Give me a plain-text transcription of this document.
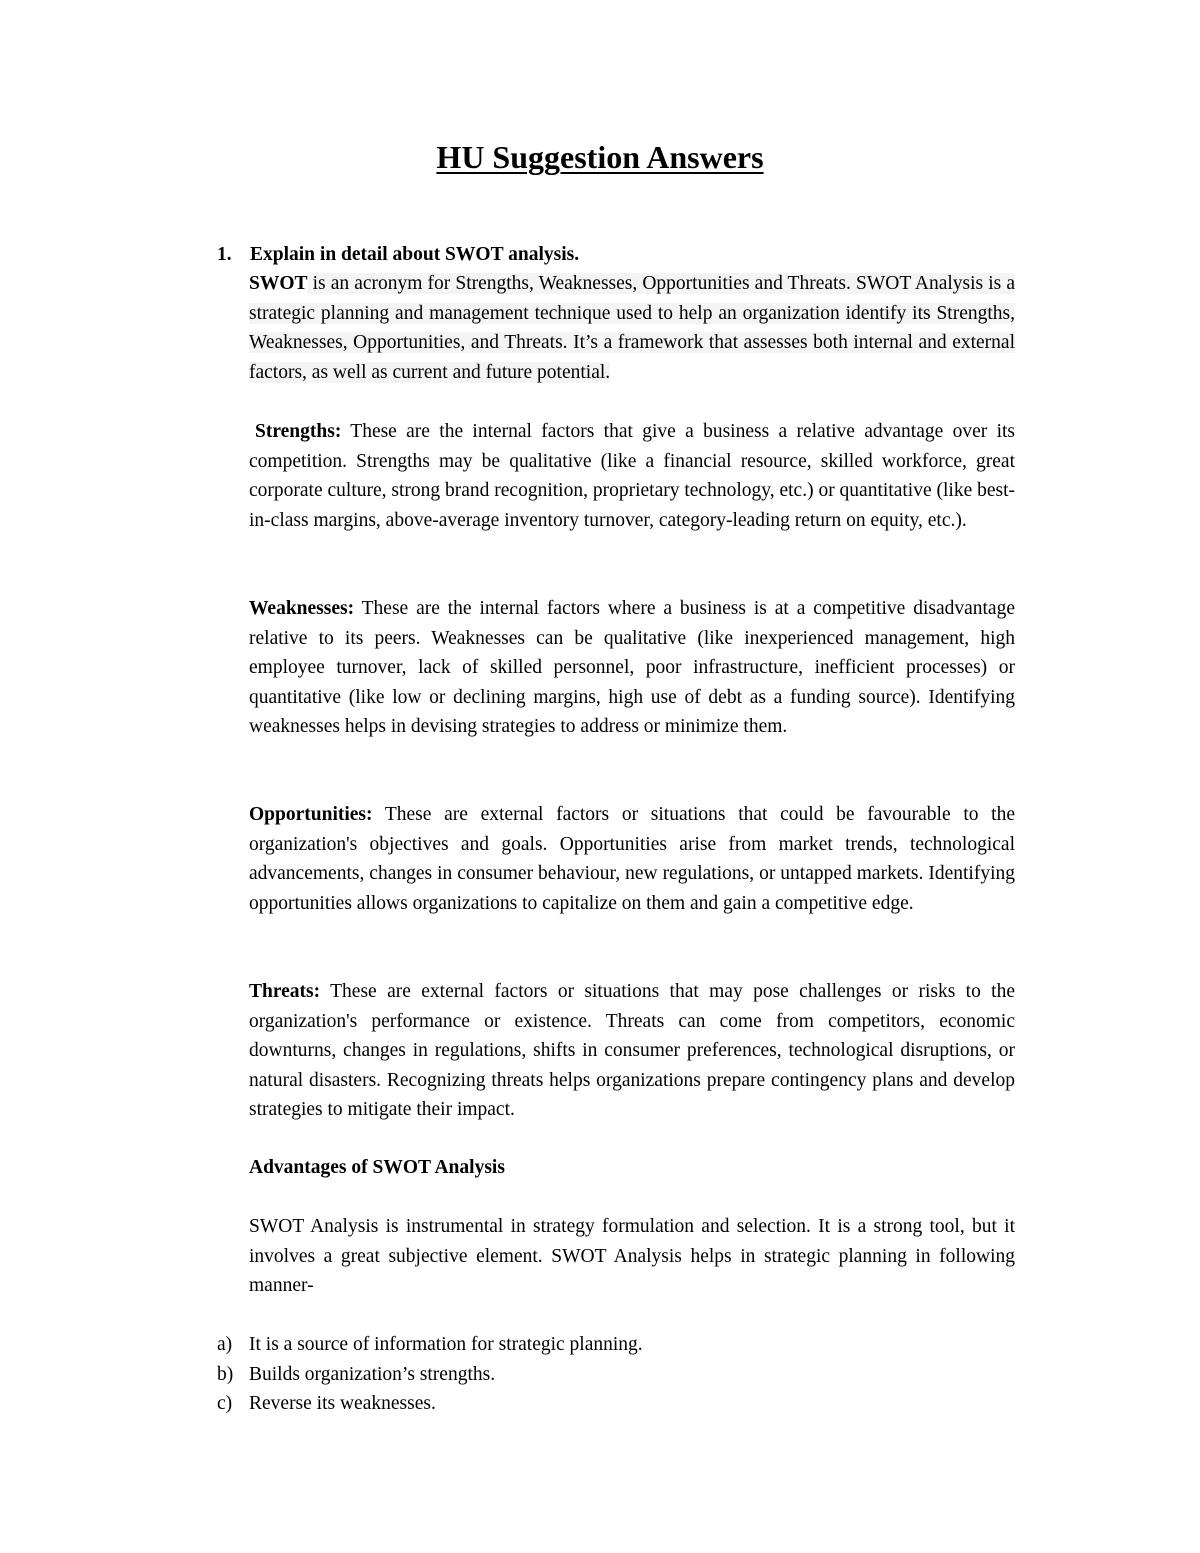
HU Suggestion Answers
1. Explain in detail about SWOT analysis.

SWOT is an acronym for Strengths, Weaknesses, Opportunities and Threats. SWOT Analysis is a strategic planning and management technique used to help an organization identify its Strengths, Weaknesses, Opportunities, and Threats. It’s a framework that assesses both internal and external factors, as well as current and future potential.

Strengths: These are the internal factors that give a business a relative advantage over its competition. Strengths may be qualitative (like a financial resource, skilled workforce, great corporate culture, strong brand recognition, proprietary technology, etc.) or quantitative (like best-in-class margins, above-average inventory turnover, category-leading return on equity, etc.).

Weaknesses: These are the internal factors where a business is at a competitive disadvantage relative to its peers. Weaknesses can be qualitative (like inexperienced management, high employee turnover, lack of skilled personnel, poor infrastructure, inefficient processes) or quantitative (like low or declining margins, high use of debt as a funding source). Identifying weaknesses helps in devising strategies to address or minimize them.

Opportunities: These are external factors or situations that could be favourable to the organization's objectives and goals. Opportunities arise from market trends, technological advancements, changes in consumer behaviour, new regulations, or untapped markets. Identifying opportunities allows organizations to capitalize on them and gain a competitive edge.

Threats: These are external factors or situations that may pose challenges or risks to the organization's performance or existence. Threats can come from competitors, economic downturns, changes in regulations, shifts in consumer preferences, technological disruptions, or natural disasters. Recognizing threats helps organizations prepare contingency plans and develop strategies to mitigate their impact.

Advantages of SWOT Analysis

SWOT Analysis is instrumental in strategy formulation and selection. It is a strong tool, but it involves a great subjective element. SWOT Analysis helps in strategic planning in following manner-

a) It is a source of information for strategic planning.
b) Builds organization’s strengths.
c) Reverse its weaknesses.
